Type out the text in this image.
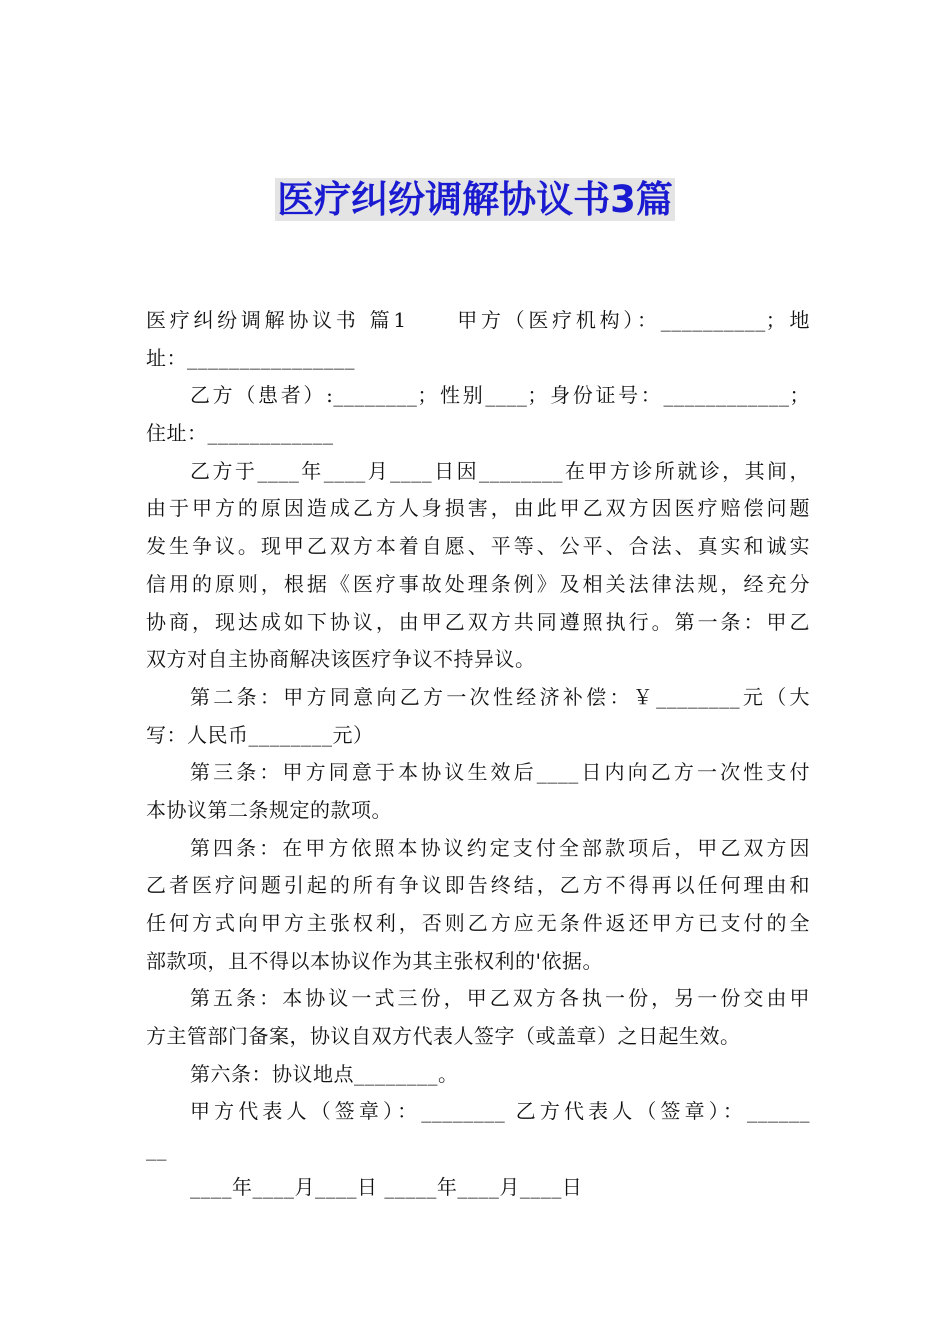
医疗纠纷调解协议书3篇
医疗纠纷调解协议书 篇1　　甲方（医疗机构）：__________；地
址：________________
乙方（患者）:________；性别____；身份证号：____________；
住址：____________
乙方于____年____月____日因________在甲方诊所就诊，其间，
由于甲方的原因造成乙方人身损害，由此甲乙双方因医疗赔偿问题
发生争议。现甲乙双方本着自愿、平等、公平、合法、真实和诚实
信用的原则，根据《医疗事故处理条例》及相关法律法规，经充分
协商，现达成如下协议，由甲乙双方共同遵照执行。第一条：甲乙
双方对自主协商解决该医疗争议不持异议。
第二条：甲方同意向乙方一次性经济补偿：￥________元（大
写：人民币________元）
第三条：甲方同意于本协议生效后____日内向乙方一次性支付
本协议第二条规定的款项。
第四条：在甲方依照本协议约定支付全部款项后，甲乙双方因
乙者医疗问题引起的所有争议即告终结，乙方不得再以任何理由和
任何方式向甲方主张权利，否则乙方应无条件返还甲方已支付的全
部款项，且不得以本协议作为其主张权利的'依据。
第五条：本协议一式三份，甲乙双方各执一份，另一份交由甲
方主管部门备案，协议自双方代表人签字（或盖章）之日起生效。
第六条：协议地点________。
甲方代表人（签章）：________ 乙方代表人（签章）：______
__
____年____月____日 _____年____月____日
